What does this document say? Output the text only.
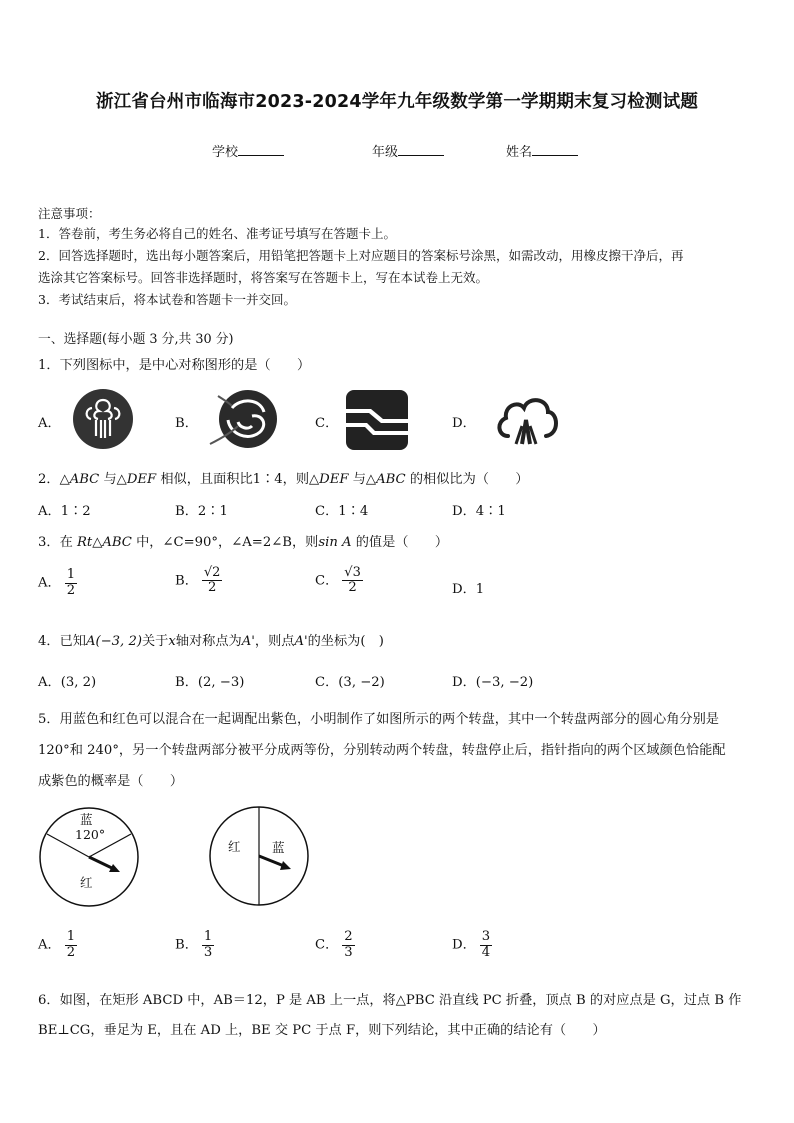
浙江省台州市临海市2023-2024学年九年级数学第一学期期末复习检测试题
学校	年级	姓名
注意事项：
1．答卷前，考生务必将自己的姓名、准考证号填写在答题卡上。
2．回答选择题时，选出每小题答案后，用铅笔把答题卡上对应题目的答案标号涂黑，如需改动，用橡皮擦干净后，再
选涂其它答案标号。回答非选择题时，将答案写在答题卡上，写在本试卷上无效。
3．考试结束后，将本试卷和答题卡一并交回。
一、选择题(每小题 3 分,共 30 分)
1．下列图标中，是中心对称图形的是（　　）
A．	B．	C．	D．
2．△ABC 与△DEF 相似，且面积比1∶4，则△DEF 与△ABC 的相似比为（　　）
A．1∶2	B．2∶1	C．1∶4	D．4∶1
3．在 Rt△ABC 中，∠C=90°，∠A=2∠B，则sin A 的值是（　　）
A． $\frac{1}{2}$	B． $\frac{√2}{2}$	C． $\frac{√3}{2}$	D．1
4．已知A(−3, 2)关于x轴对称点为A'，则点A'的坐标为(　)
A．(3, 2)	B．(2, −3)	C．(3, −2)	D．(−3, −2)
5．用蓝色和红色可以混合在一起调配出紫色，小明制作了如图所示的两个转盘，其中一个转盘两部分的圆心角分别是
120°和 240°，另一个转盘两部分被平分成两等份，分别转动两个转盘，转盘停止后，指针指向的两个区域颜色恰能配
成紫色的概率是（　　）
蓝
120°
红
红	蓝
A． $\frac{1}{2}$	B． $\frac{1}{3}$	C． $\frac{2}{3}$	D． $\frac{3}{4}$
6．如图，在矩形 ABCD 中，AB＝12，P 是 AB 上一点，将△PBC 沿直线 PC 折叠，顶点 B 的对应点是 G，过点 B 作
BE⊥CG，垂足为 E，且在 AD 上，BE 交 PC 于点 F，则下列结论，其中正确的结论有（　　）
